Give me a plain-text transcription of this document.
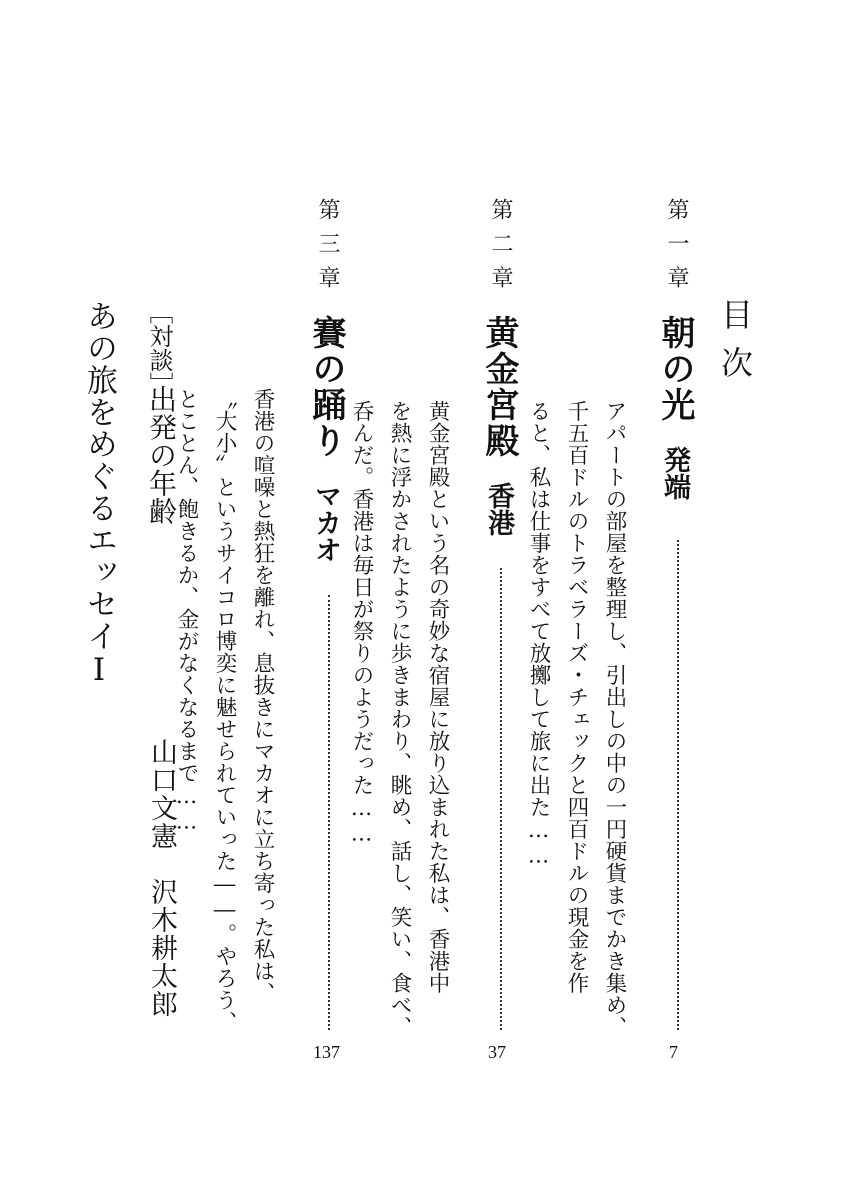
目次
第一章
朝の光
発端
アパートの部屋を整理し、引出しの中の一円硬貨までかき集め、
千五百ドルのトラベラーズ・チェックと四百ドルの現金を作
ると、私は仕事をすべて放擲して旅に出た……
7
第二章
黄金宮殿
香港
黄金宮殿という名の奇妙な宿屋に放り込まれた私は、香港中
を熱に浮かされたように歩きまわり、眺め、話し、笑い、食べ、
呑んだ。香港は毎日が祭りのようだった……
37
第三章
賽の踊り
マカオ
香港の喧噪と熱狂を離れ、息抜きにマカオに立ち寄った私は、
〝大小〟というサイコロ博奕に魅せられていった――。やろう、
とことん、飽きるか、金がなくなるまで……
137
［対談］
出発の年齢
山口文憲　沢木耕太郎
あの旅をめぐるエッセイⅠ
